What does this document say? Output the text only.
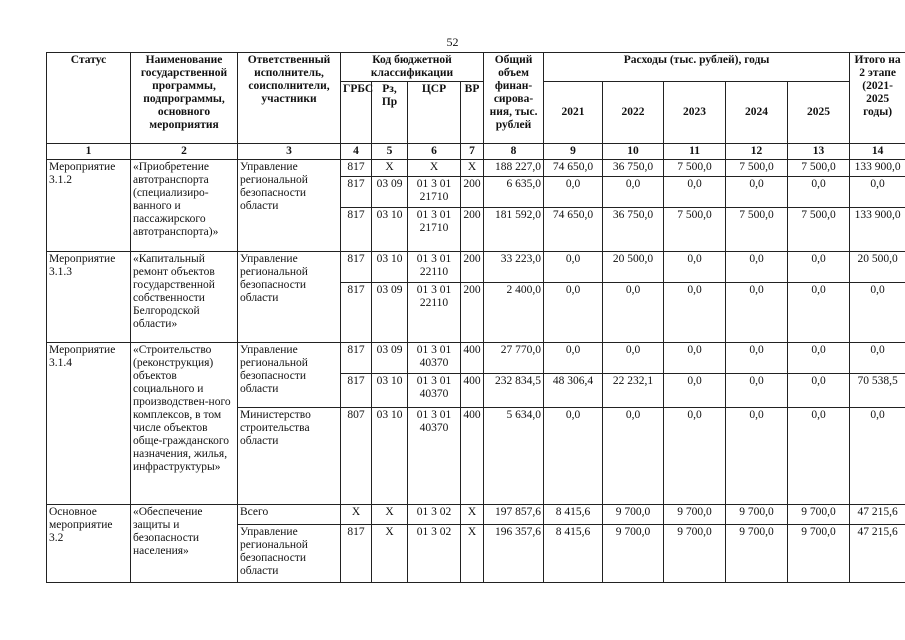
52
Статус	Наименование государственной программы, подпрограммы, основного мероприятия	Ответственный исполнитель, соисполнители, участники	Код бюджетной классификации				Общий объем финан-сирова-ния, тыс. рублей	Расходы (тыс. рублей), годы					Итого на 2 этапе (2021-2025 годы)
			ГРБС	Рз, Пр	ЦСР	ВР		2021	2022	2023	2024	2025	
1	2	3	4	5	6	7	8	9	10	11	12	13	14
Мероприятие 3.1.2	«Приобретение автотранспорта (специализиро-ванного и пассажирского автотранспорта)»	Управление региональной безопасности области	817	Х	Х	Х	188 227,0	74 650,0	36 750,0	7 500,0	7 500,0	7 500,0	133 900,0
			817	03 09	01 3 01 21710	200	6 635,0	0,0	0,0	0,0	0,0	0,0	0,0
			817	03 10	01 3 01 21710	200	181 592,0	74 650,0	36 750,0	7 500,0	7 500,0	7 500,0	133 900,0
Мероприятие 3.1.3	«Капитальный ремонт объектов государственной собственности Белгородской области»	Управление региональной безопасности области	817	03 10	01 3 01 22110	200	33 223,0	0,0	20 500,0	0,0	0,0	0,0	20 500,0
			817	03 09	01 3 01 22110	200	2 400,0	0,0	0,0	0,0	0,0	0,0	0,0
Мероприятие 3.1.4	«Строительство (реконструкция) объектов социального и производствен-ного комплексов, в том числе объектов обще-гражданского назначения, жилья, инфраструктуры»	Управление региональной безопасности области	817	03 09	01 3 01 40370	400	27 770,0	0,0	0,0	0,0	0,0	0,0	0,0
			817	03 10	01 3 01 40370	400	232 834,5	48 306,4	22 232,1	0,0	0,0	0,0	70 538,5
		Министерство строительства области	807	03 10	01 3 01 40370	400	5 634,0	0,0	0,0	0,0	0,0	0,0	0,0
Основное мероприятие 3.2	«Обеспечение защиты и безопасности населения»	Всего	Х	Х	01 3 02	Х	197 857,6	8 415,6	9 700,0	9 700,0	9 700,0	9 700,0	47 215,6
		Управление региональной безопасности области	817	Х	01 3 02	Х	196 357,6	8 415,6	9 700,0	9 700,0	9 700,0	9 700,0	47 215,6
